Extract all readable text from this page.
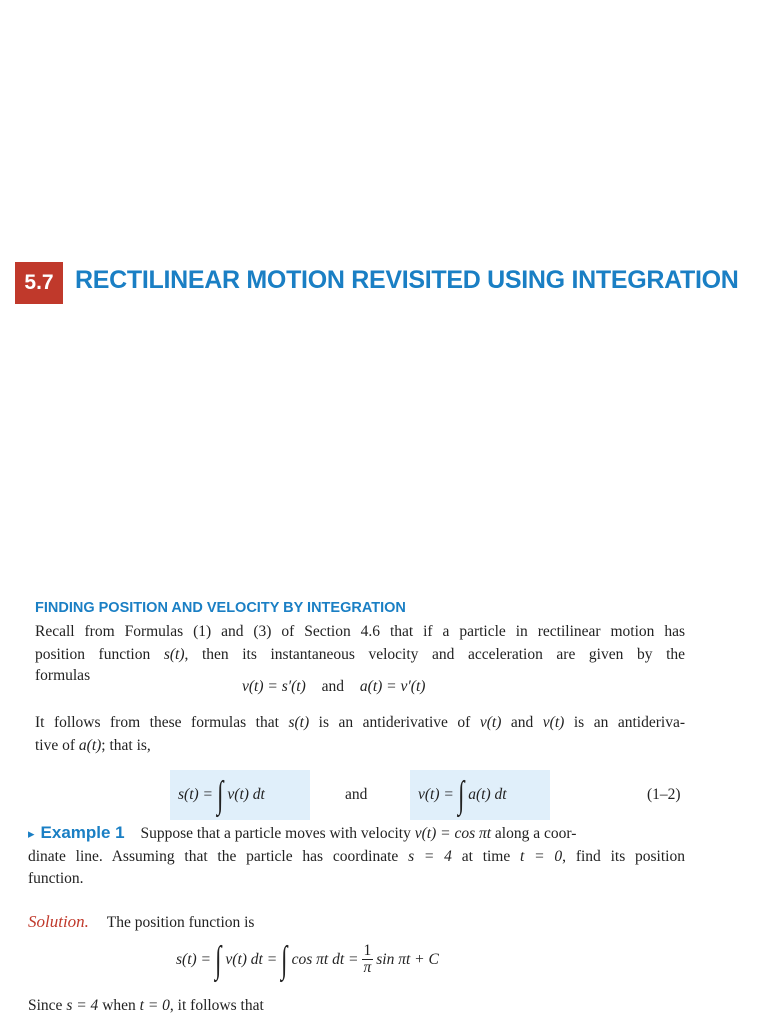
5.7 RECTILINEAR MOTION REVISITED USING INTEGRATION
FINDING POSITION AND VELOCITY BY INTEGRATION
Recall from Formulas (1) and (3) of Section 4.6 that if a particle in rectilinear motion has
position function s(t), then its instantaneous velocity and acceleration are given by the
formulas
v(t) = s′(t) and a(t) = v′(t)
It follows from these formulas that s(t) is an antiderivative of v(t) and v(t) is an antideriva-
tive of a(t); that is,
s(t) = ∫ v(t) dt	and	v(t) = ∫ a(t) dt	(1–2)
▸ Example 1 Suppose that a particle moves with velocity v(t) = cos πt along a coor-
dinate line. Assuming that the particle has coordinate s = 4 at time t = 0, find its position
function.
Solution. The position function is
s(t) = ∫ v(t) dt = ∫ cos πt dt = $\frac{1}{\pi}$ sin πt + C
Since s = 4 when t = 0, it follows that
